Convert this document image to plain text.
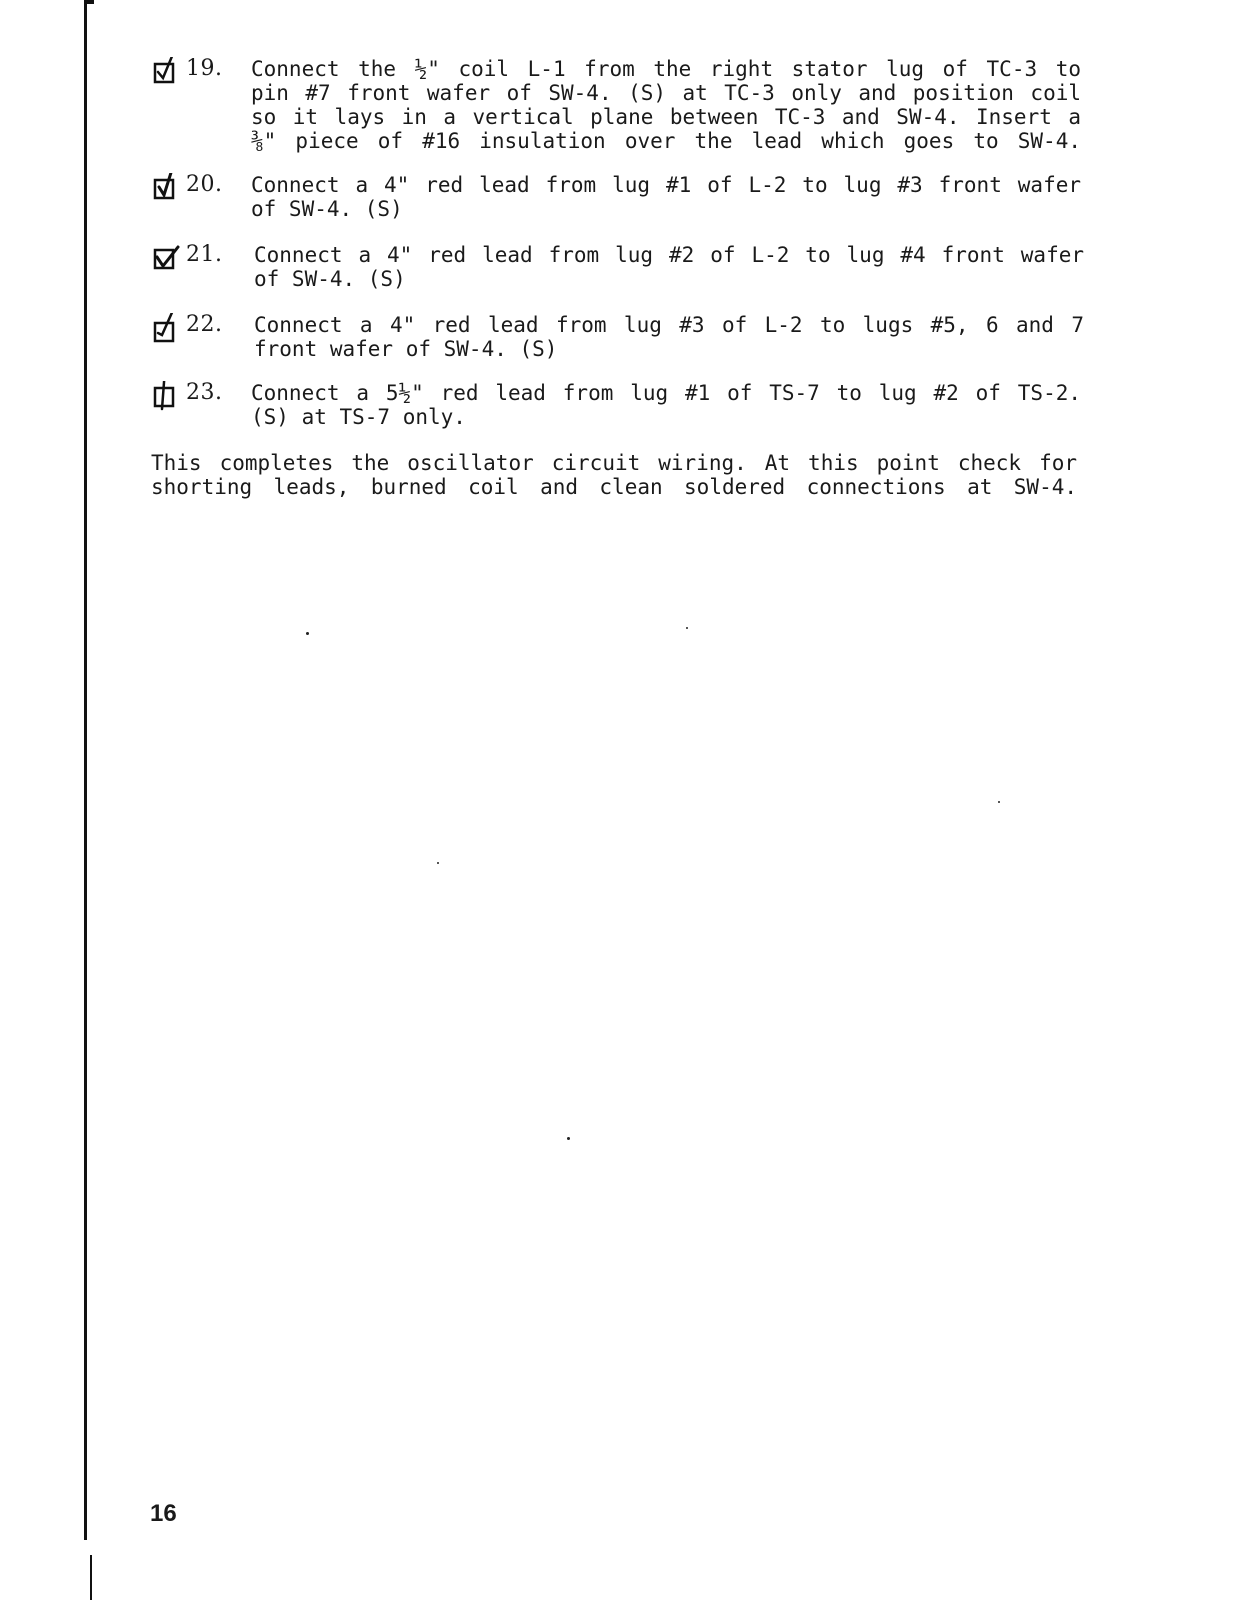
19. Connect the ½" coil L-1 from the right stator lug of TC-3 to
pin #7 front wafer of SW-4. (S) at TC-3 only and position coil
so it lays in a vertical plane between TC-3 and SW-4. Insert a
⅜" piece of #16 insulation over the lead which goes to SW-4.
20. Connect a 4" red lead from lug #1 of L-2 to lug #3 front wafer
of SW-4. (S)
21. Connect a 4" red lead from lug #2 of L-2 to lug #4 front wafer
of SW-4. (S)
22. Connect a 4" red lead from lug #3 of L-2 to lugs #5, 6 and 7
front wafer of SW-4. (S)
23. Connect a 5½" red lead from lug #1 of TS-7 to lug #2 of TS-2.
(S) at TS-7 only.
This completes the oscillator circuit wiring. At this point check for
shorting leads, burned coil and clean soldered connections at SW-4.
16
